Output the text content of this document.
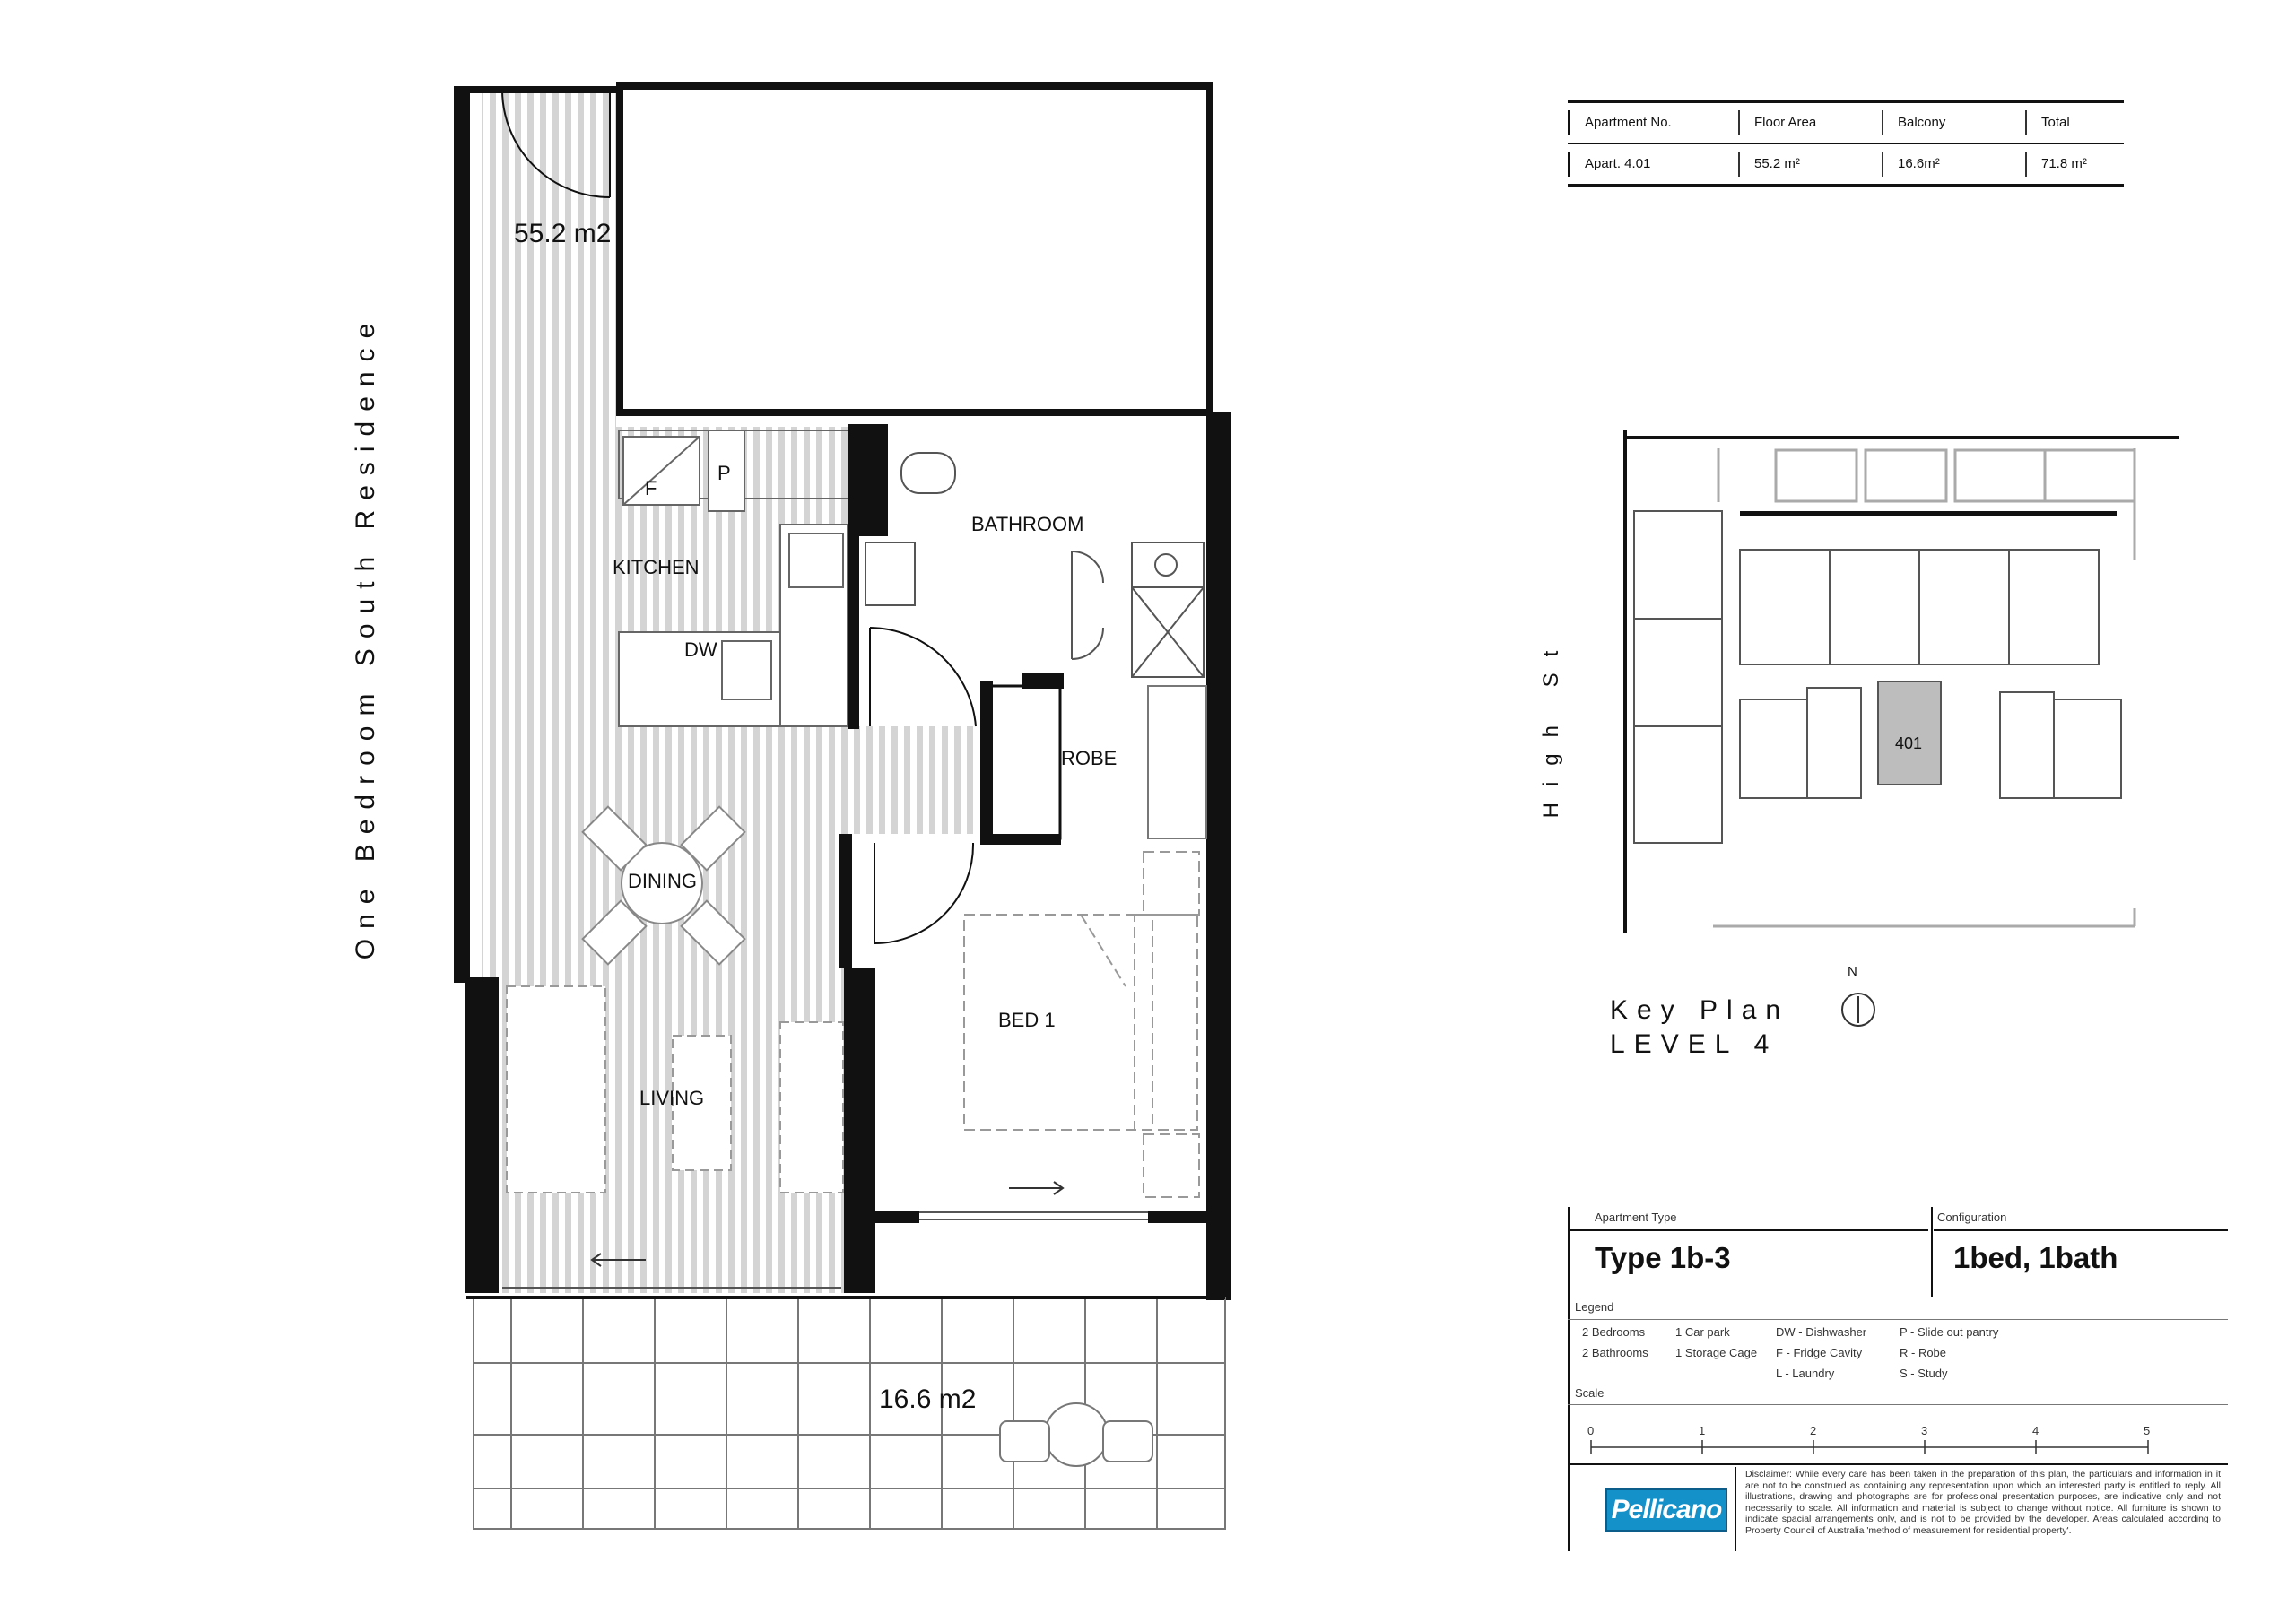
One Bedroom South Residence
55.2 m2
KITCHEN
F
P
DW
BATHROOM
ROBE
DINING
BED 1
LIVING
16.6 m2
Apartment No.	Floor Area	Balcony	Total
Apart. 4.01	55.2 m²	16.6m²	71.8 m²
High St	401
N
Key Plan
LEVEL 4
Apartment Type
Type 1b-3
Configuration
1bed, 1bath
Legend
2 Bedrooms
2 Bathrooms
1 Car park
1 Storage Cage
DW - Dishwasher
F - Fridge Cavity
L - Laundry
P - Slide out pantry
R - Robe
S - Study
Scale
0	1	2	3	4	5
Pellicano
Disclaimer: While every care has been taken in the preparation of this plan, the particulars and information in it are not to be construed as containing any representation upon which an interested party is entitled to reply. All illustrations, drawing and photographs are for professional presentation purposes, are indicative only and not necessarily to scale. All information and material is subject to change without notice. All furniture is shown to indicate spacial arrangements only, and is not to be provided by the developer. Areas calculated according to Property Council of Australia 'method of measurement for residential property'.
